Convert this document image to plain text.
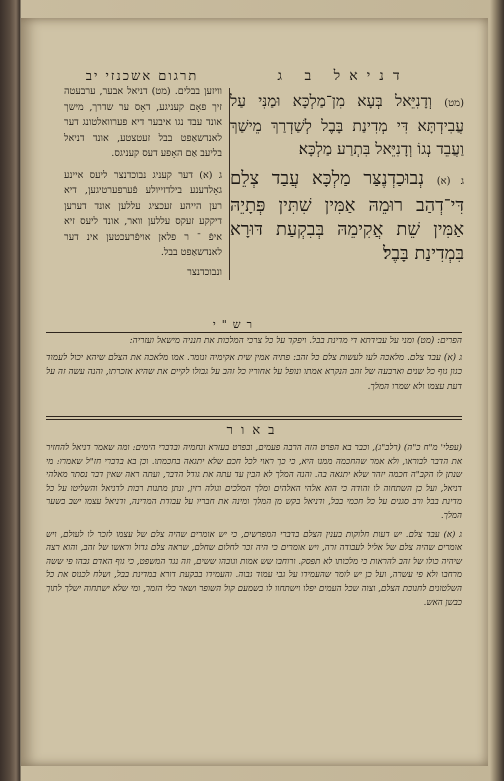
דניאל ב ג
תרגום אשכנזי יב

(מט) וְדָנִיֵּאל בְּעָא מִן־מַלְכָּא וּמַנִּי עַל עֲבִידְתָּא דִּי מְדִינַת בָּבֶל לְשַׁדְרַךְ מֵישַׁךְ וַעֲבֵד נְגוֹ וְדָנִיֵּאל בִּתְרַע מַלְכָּא׃

ג (א) נְבוּכַדְנֶצַּר מַלְכָּא עֲבַד צְלֵם דִּי־דְהַב רוּמֵהּ אַמִּין שִׁתִּין פְּתָיֵהּ אַמִּין שֵׁת אֲקִימֵהּ בְּבִקְעַת דּוּרָא בִּמְדִינַת בָּבֶל׃

וויזען בבלים. (מט) דניאל אבער, ערבעטה זיך פאָם קעניגע, דאָס ער שדרך, מישך אונד עבד נגו איבער דיא פערוואלטונג דער לאנדשאַפט בבל זעטצטע, אונד דניאל בליעב אַם האָפע דעס קעניגס.

ג (א) דער קעניג נבוכדנצר ליעס איינע גאָלדענע בילדזייולע פֿערפערטיגען, דיא רען הייהע זעכציג עללען אונד דערען דיקקע זעקס עללען וואר, אונד ליעס זיא איפֿ ־ ר פלאן אויפֿרעכטען אינ דער לאנדשאַפט בבל.

ונבוכדנצר
רש"י

הפרים: (מט) ומני על עבידתא די מדינת בבל. ויפקד על כל צרכי המלכות את חנניה מישאל ועזריה:

ג (א) עבד צלם. מלאכה לעו לעשות צלם כל זהב: פתיה אמין שית אקימיה ונומר. אמו מלאכה את הצלם שיהא יכול לעמוד כגון גוף כל שנים וארבעה של זהב הנקרא אמתו ונופל על אחוריו כל זהב על גבולו לקיים את שהיא אזכרתו, והנה עשה זה על דעת עצמו ולא שמרו המלך.

באור

(עפלי' מ"ח כ"ה) (רלב"ג), וכבר בא הפרט הזה הרבה פעמים, ובפרט בעזרא ונחמיה ובדברי הימים: ומה שאמר דניאל להחזיר את הדבר לבוראו, ולא אמר שהחכמה ממנו היא, כי כך ראוי לכל חכם שלא יתגאה בחכמתו. וכן בא בדברי חז"ל שאמרו: מי שנתן לו הקב"ה חכמה יזהר שלא יתגאה בה. והנה המלך לא הבין עד עתה את גודל הדבר, ועתה ראה שאין דבר נסתר מאלהי דניאל, ועל כן השתחוה לו והודה כי הוא אלהי האלהים ומלך המלכים וגולה רזין, ונתן מתנות רבות לדניאל והשליטו על כל מדינת בבל ורב סגנים על כל חכמי בבל, ודניאל בקש מן המלך ומינה את חבריו על עבודת המדינה, ודניאל עצמו ישב בשער המלך.

ג (א) עבד צלם. יש דעות חלוקות בענין הצלם בדברי המפרשים, כי יש אומרים שהיה צלם של עצמו לזכר לו לעולם, ויש אומרים שהיה צלם של אליל לעבודה זרה, ויש אומרים כי היה זכר לחלום שחלם, שראה צלם גדול וראשו של זהב, והוא רצה שיהיה כולו של זהב להראות כי מלכותו לא תפסק. ורוחבו שש אמות וגובהו ששים, וזה נגד המשפט, כי גוף האדם גבהו פי ששה מרחבו ולא פי עשרה, ועל כן יש לומר שהעמידו על גבי עמוד גבוה. והעמידו בבקעת דורא במדינת בבל, ושלח לכנוס את כל השלטונים לחנוכת הצלם, וצוה שכל העמים יפלו וישתחוו לו בשמעם קול השופר ושאר כלי הזמר, ומי שלא ישתחוה ישלך לתוך כבשן האש.
